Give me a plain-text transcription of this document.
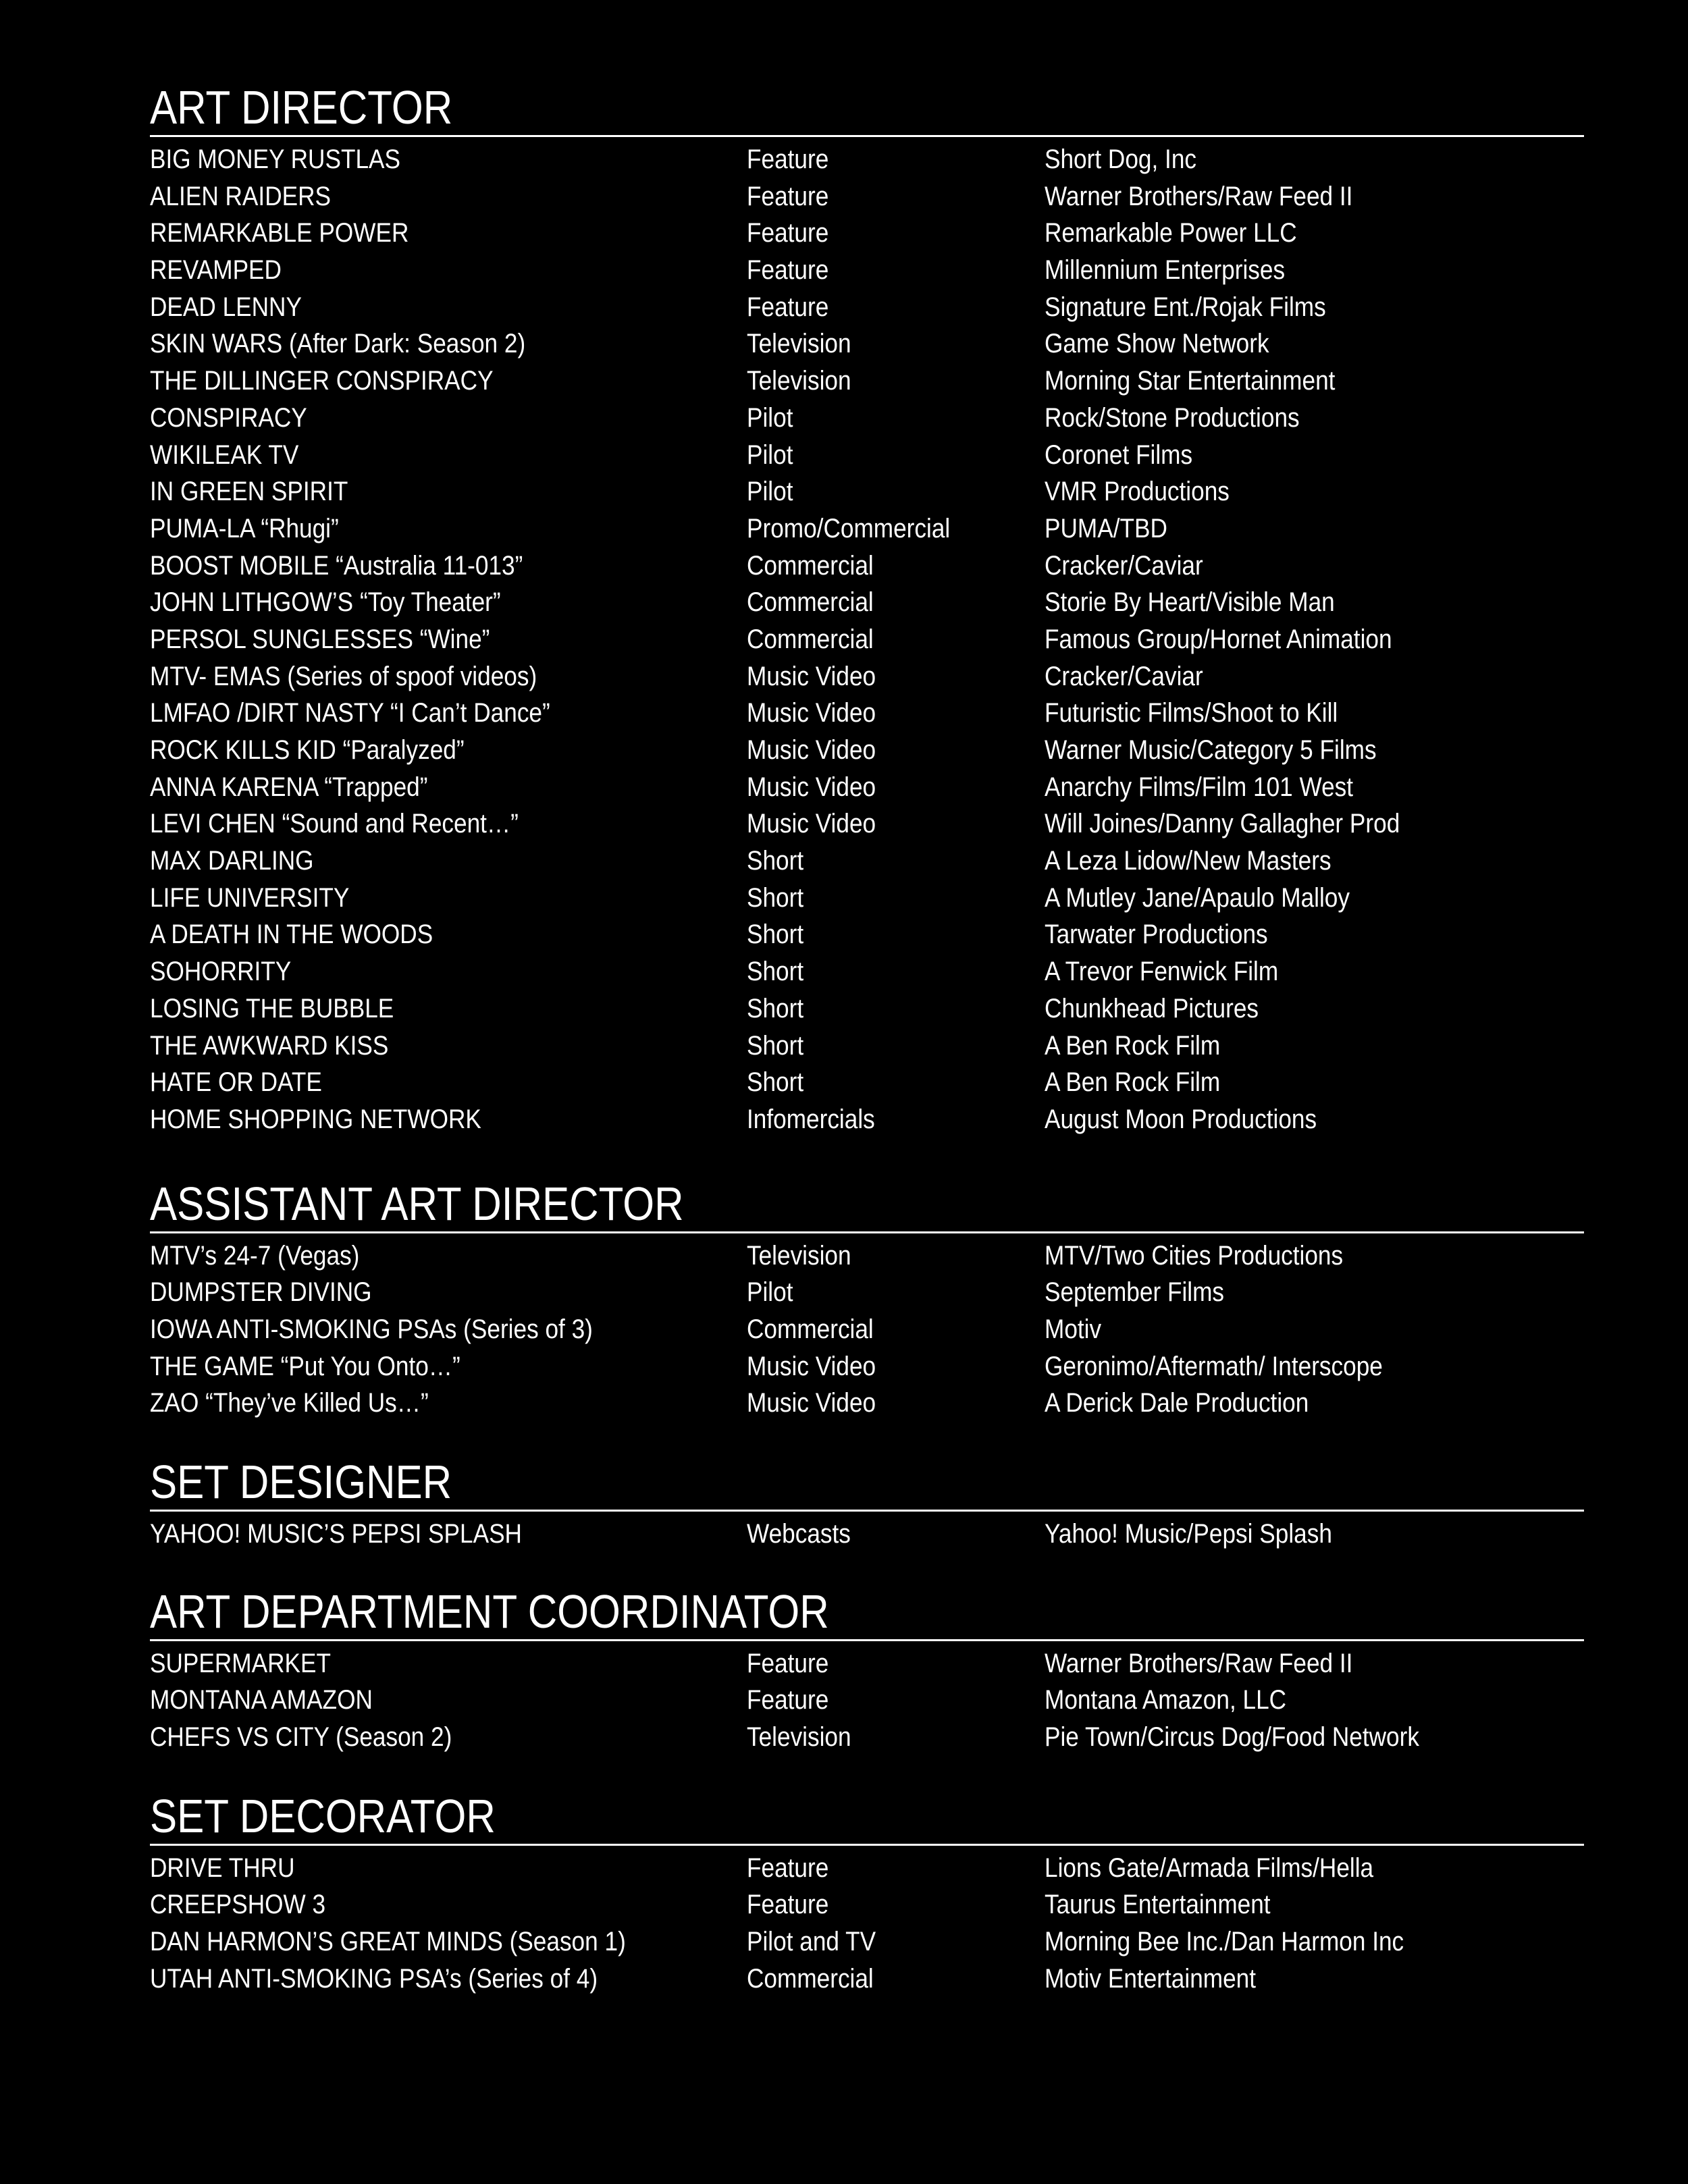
ART DIRECTOR
BIG MONEY RUSTLAS	Feature	Short Dog, Inc
ALIEN RAIDERS	Feature	Warner Brothers/Raw Feed II
REMARKABLE POWER	Feature	Remarkable Power LLC
REVAMPED	Feature	Millennium Enterprises
DEAD LENNY	Feature	Signature Ent./Rojak Films
SKIN WARS (After Dark: Season 2)	Television	Game Show Network
THE DILLINGER CONSPIRACY	Television	Morning Star Entertainment
CONSPIRACY	Pilot	Rock/Stone Productions
WIKILEAK TV	Pilot	Coronet Films
IN GREEN SPIRIT	Pilot	VMR Productions
PUMA-LA “Rhugi”	Promo/Commercial	PUMA/TBD
BOOST MOBILE “Australia 11-013”	Commercial	Cracker/Caviar
JOHN LITHGOW’S “Toy Theater”	Commercial	Storie By Heart/Visible Man
PERSOL SUNGLESSES “Wine”	Commercial	Famous Group/Hornet Animation
MTV- EMAS (Series of spoof videos)	Music Video	Cracker/Caviar
LMFAO /DIRT NASTY “I Can’t Dance”	Music Video	Futuristic Films/Shoot to Kill
ROCK KILLS KID “Paralyzed”	Music Video	Warner Music/Category 5 Films
ANNA KARENA “Trapped”	Music Video	Anarchy Films/Film 101 West
LEVI CHEN “Sound and Recent…”	Music Video	Will Joines/Danny Gallagher Prod
MAX DARLING	Short	A Leza Lidow/New Masters
LIFE UNIVERSITY	Short	A Mutley Jane/Apaulo Malloy
A DEATH IN THE WOODS	Short	Tarwater Productions
SOHORRITY	Short	A Trevor Fenwick Film
LOSING THE BUBBLE	Short	Chunkhead Pictures
THE AWKWARD KISS	Short	A Ben Rock Film
HATE OR DATE	Short	A Ben Rock Film
HOME SHOPPING NETWORK	Infomercials	August Moon Productions
ASSISTANT ART DIRECTOR
MTV’s 24-7 (Vegas)	Television	MTV/Two Cities Productions
DUMPSTER DIVING	Pilot	September Films
IOWA ANTI-SMOKING PSAs (Series of 3)	Commercial	Motiv
THE GAME “Put You Onto…”	Music Video	Geronimo/Aftermath/ Interscope
ZAO “They’ve Killed Us…”	Music Video	A Derick Dale Production
SET DESIGNER
YAHOO! MUSIC’S PEPSI SPLASH	Webcasts	Yahoo! Music/Pepsi Splash
ART DEPARTMENT COORDINATOR
SUPERMARKET	Feature	Warner Brothers/Raw Feed II
MONTANA AMAZON	Feature	Montana Amazon, LLC
CHEFS VS CITY (Season 2)	Television	Pie Town/Circus Dog/Food Network
SET DECORATOR
DRIVE THRU	Feature	Lions Gate/Armada Films/Hella
CREEPSHOW 3	Feature	Taurus Entertainment
DAN HARMON’S GREAT MINDS (Season 1)	Pilot and TV	Morning Bee Inc./Dan Harmon Inc
UTAH ANTI-SMOKING PSA’s (Series of 4)	Commercial	Motiv Entertainment
